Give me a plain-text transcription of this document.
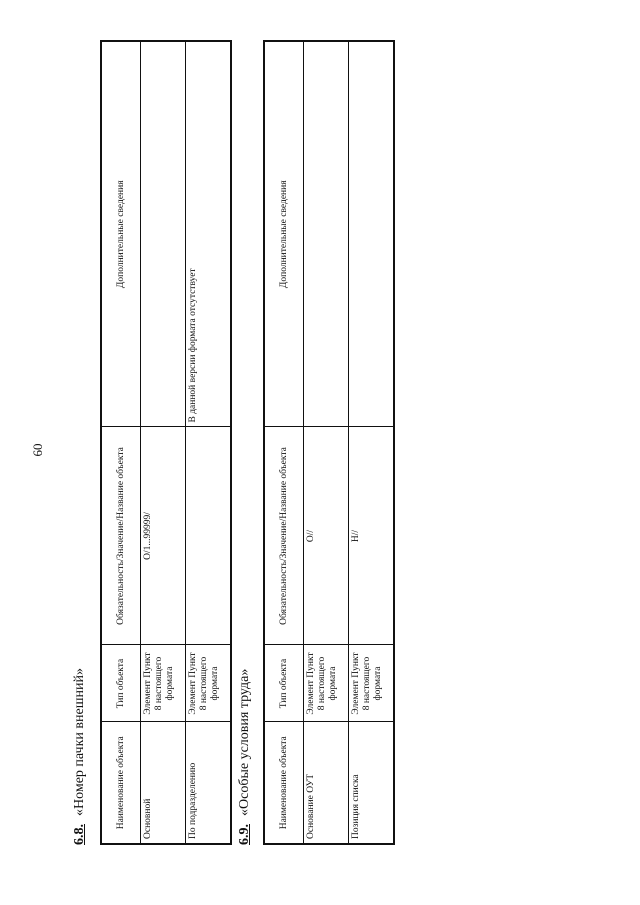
60
6.8.«Номер пачки внешний»	Наименование объекта	Тип объекта	Обязательность/Значение/Название объекта	Дополнительные сведения
Основной	Элемент Пункт 8 настоящего формата	О/1...99999/	
По подразделению	Элемент Пункт 8 настоящего формата		В данной версии формата отсутствует
6.9.«Особые условия труда»	Наименование объекта	Тип объекта	Обязательность/Значение/Название объекта	Дополнительные сведения
Основание ОУТ	Элемент Пункт 8 настоящего формата	О//	
Позиция списка	Элемент Пункт 8 настоящего формата	Н//	
